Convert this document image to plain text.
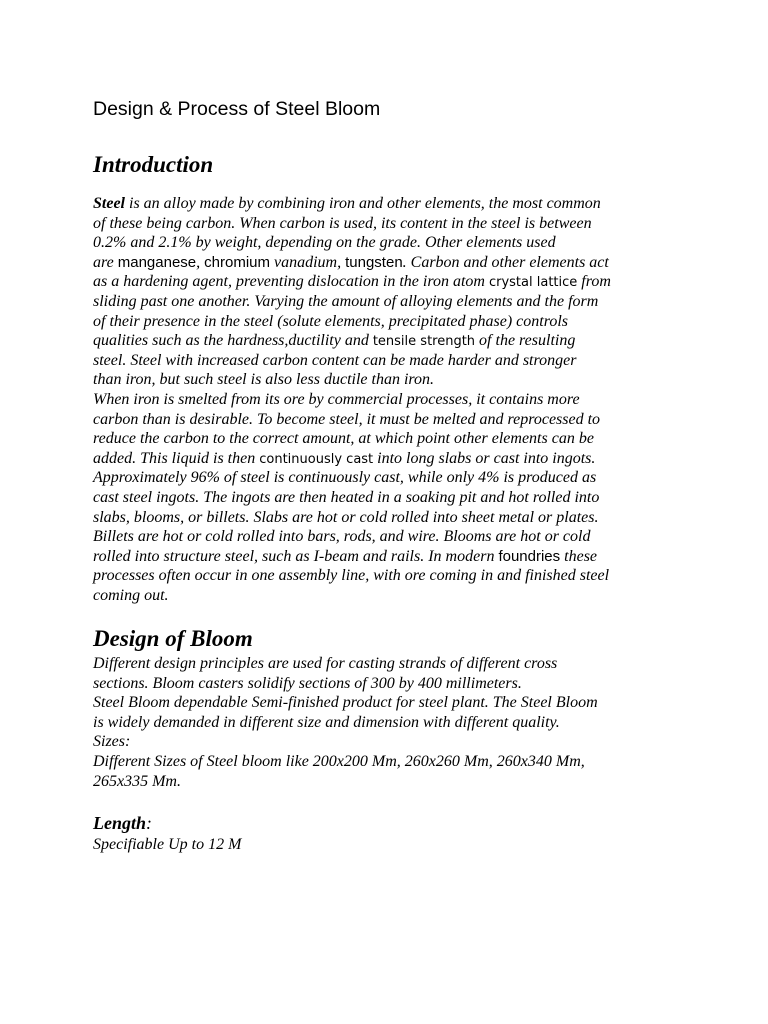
Design & Process of Steel Bloom
Introduction
Steel is an alloy made by combining iron and other elements, the most common
of these being carbon. When carbon is used, its content in the steel is between
0.2% and 2.1% by weight, depending on the grade. Other elements used
are manganese, chromium vanadium, tungsten. Carbon and other elements act
as a hardening agent, preventing dislocation in the iron atom crystal lattice from
sliding past one another. Varying the amount of alloying elements and the form
of their presence in the steel (solute elements, precipitated phase) controls
qualities such as the hardness,ductility and tensile strength of the resulting
steel. Steel with increased carbon content can be made harder and stronger
than iron, but such steel is also less ductile than iron.
When iron is smelted from its ore by commercial processes, it contains more
carbon than is desirable. To become steel, it must be melted and reprocessed to
reduce the carbon to the correct amount, at which point other elements can be
added. This liquid is then continuously cast into long slabs or cast into ingots.
Approximately 96% of steel is continuously cast, while only 4% is produced as
cast steel ingots. The ingots are then heated in a soaking pit and hot rolled into
slabs, blooms, or billets. Slabs are hot or cold rolled into sheet metal or plates.
Billets are hot or cold rolled into bars, rods, and wire. Blooms are hot or cold
rolled into structure steel, such as I-beam and rails. In modern foundries these
processes often occur in one assembly line, with ore coming in and finished steel
coming out.
Design of Bloom
Different design principles are used for casting strands of different cross
sections. Bloom casters solidify sections of 300 by 400 millimeters.
Steel Bloom dependable Semi-finished product for steel plant. The Steel Bloom
is widely demanded in different size and dimension with different quality.
Sizes:
Different Sizes of Steel bloom like 200x200 Mm, 260x260 Mm, 260x340 Mm,
265x335 Mm.
Length:
Specifiable Up to 12 M
